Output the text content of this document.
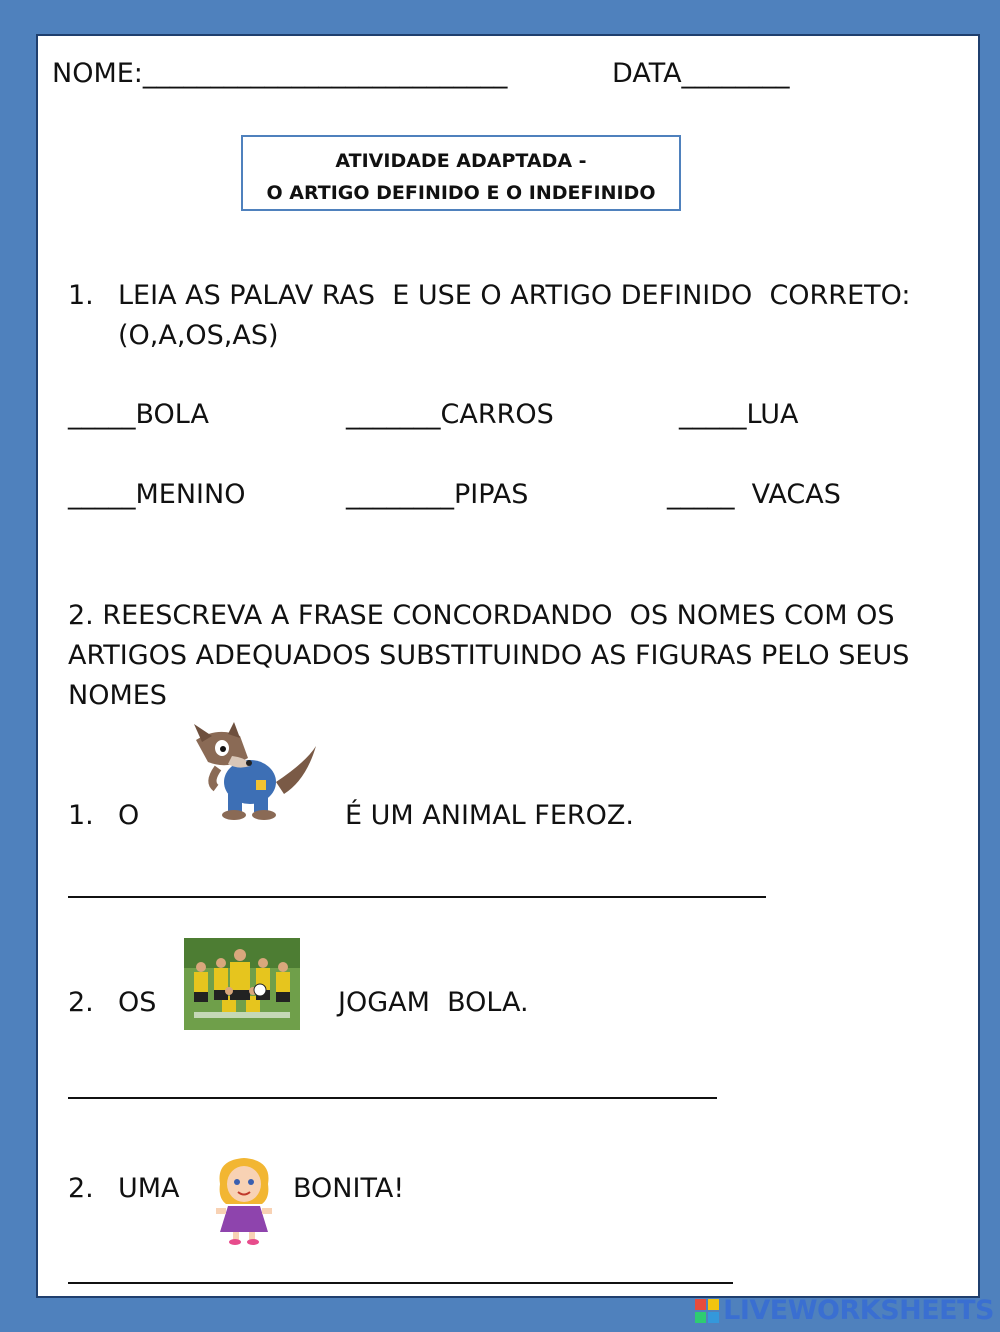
NOME:___________________________	DATA________
ATIVIDADE ADAPTADA -
O ARTIGO DEFINIDO E O INDEFINIDO
1. LEIA AS PALAV RAS  E USE O ARTIGO DEFINIDO  CORRETO:
(O,A,OS,AS)
_____BOLA	_______CARROS	_____LUA
_____MENINO	________PIPAS	_____  VACAS
2. REESCREVA A FRASE CONCORDANDO  OS NOMES COM OS
ARTIGOS ADEQUADOS SUBSTITUINDO AS FIGURAS PELO SEUS
NOMES
1. O	É UM ANIMAL FEROZ.
2. OS	JOGAM  BOLA.
2. UMA	BONITA!
LIVEWORKSHEETS
